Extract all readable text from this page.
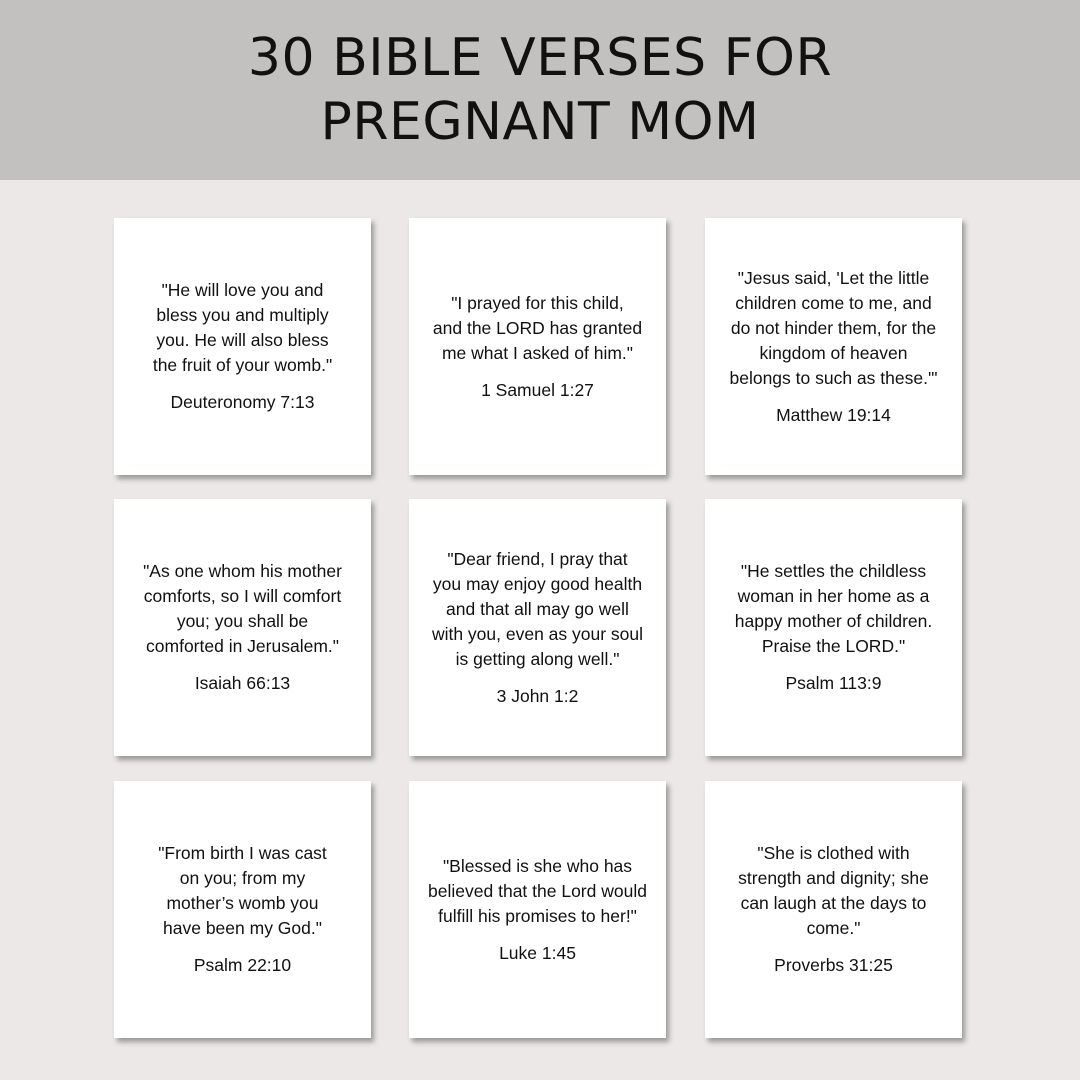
30 BIBLE VERSES FOR
PREGNANT MOM
"He will love you and
bless you and multiply
you. He will also bless
the fruit of your womb."
Deuteronomy 7:13
"I prayed for this child,
and the LORD has granted
me what I asked of him."
1 Samuel 1:27
"Jesus said, 'Let the little
children come to me, and
do not hinder them, for the
kingdom of heaven
belongs to such as these.'"
Matthew 19:14
"As one whom his mother
comforts, so I will comfort
you; you shall be
comforted in Jerusalem."
Isaiah 66:13
"Dear friend, I pray that
you may enjoy good health
and that all may go well
with you, even as your soul
is getting along well."
3 John 1:2
"He settles the childless
woman in her home as a
happy mother of children.
Praise the LORD."
Psalm 113:9
"From birth I was cast
on you; from my
mother’s womb you
have been my God."
Psalm 22:10
"Blessed is she who has
believed that the Lord would
fulfill his promises to her!"
Luke 1:45
"She is clothed with
strength and dignity; she
can laugh at the days to
come."
Proverbs 31:25
